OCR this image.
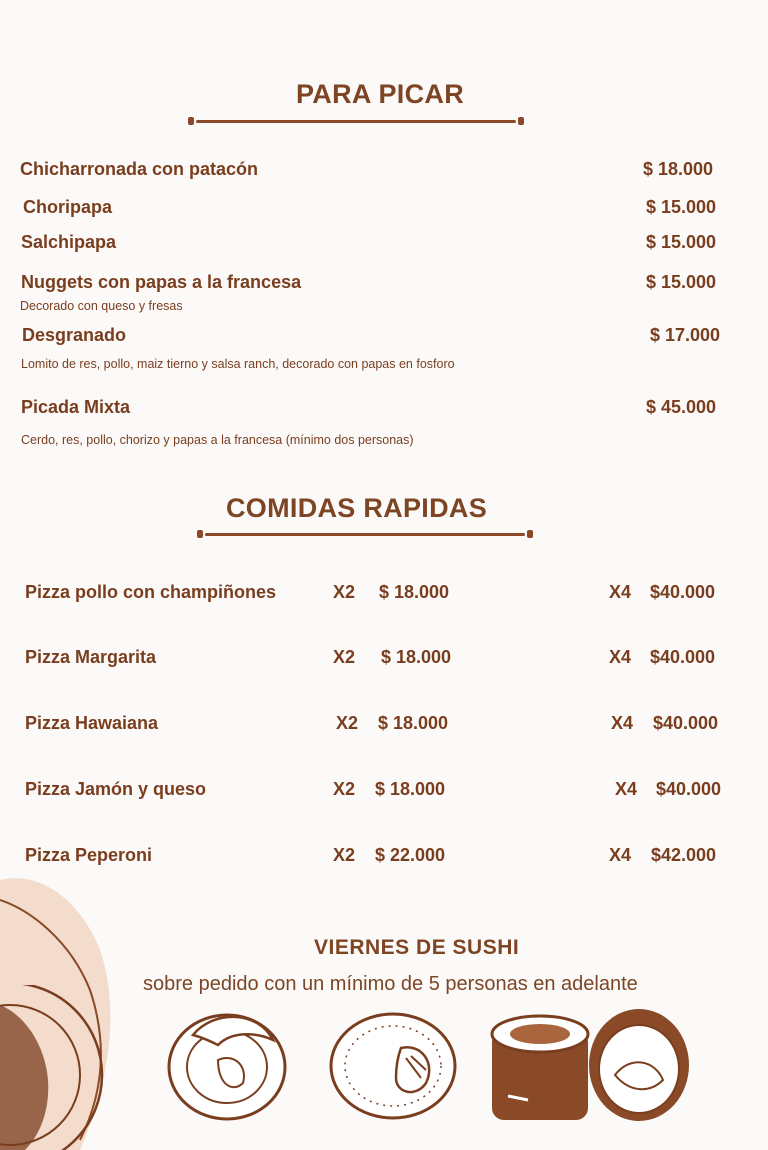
PARA PICAR
Chicharronada con patacón	$ 18.000
Choripapa	$ 15.000
Salchipapa	$ 15.000
Nuggets con papas a la francesa	$ 15.000
Decorado con queso y fresas
Desgranado	$ 17.000
Lomito de res, pollo, maiz tierno y salsa ranch, decorado con papas en fosforo
Picada Mixta	$ 45.000
Cerdo, res, pollo, chorizo y papas a la francesa (mínimo dos personas)
COMIDAS RAPIDAS
Pizza pollo con champiñones	X2 $ 18.000	X4 $40.000
Pizza Margarita	X2 $ 18.000	X4 $40.000
Pizza Hawaiana	X2 $ 18.000	X4 $40.000
Pizza Jamón y queso	X2 $ 18.000	X4 $40.000
Pizza Peperoni	X2 $ 22.000	X4 $42.000
VIERNES DE SUSHI
sobre pedido con un mínimo de 5 personas en adelante
